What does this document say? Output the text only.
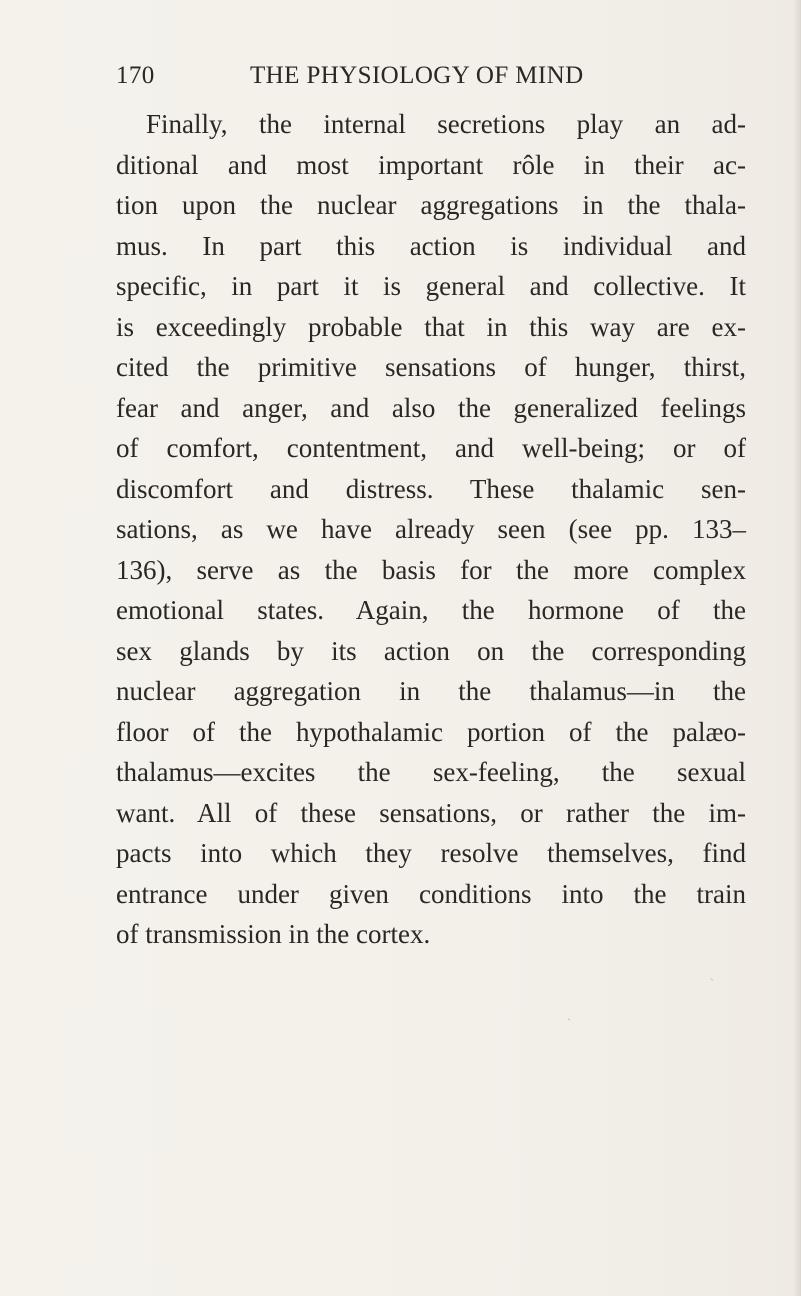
170	THE PHYSIOLOGY OF MIND
Finally, the internal secretions play an ad-
ditional and most important rôle in their ac-
tion upon the nuclear aggregations in the thala-
mus. In part this action is individual and
specific, in part it is general and collective. It
is exceedingly probable that in this way are ex-
cited the primitive sensations of hunger, thirst,
fear and anger, and also the generalized feelings
of comfort, contentment, and well-being; or of
discomfort and distress. These thalamic sen-
sations, as we have already seen (see pp. 133–
136), serve as the basis for the more complex
emotional states. Again, the hormone of the
sex glands by its action on the corresponding
nuclear aggregation in the thalamus—in the
floor of the hypothalamic portion of the palæo-
thalamus—excites the sex-feeling, the sexual
want. All of these sensations, or rather the im-
pacts into which they resolve themselves, find
entrance under given conditions into the train
of transmission in the cortex.
ˏ
ˏ
